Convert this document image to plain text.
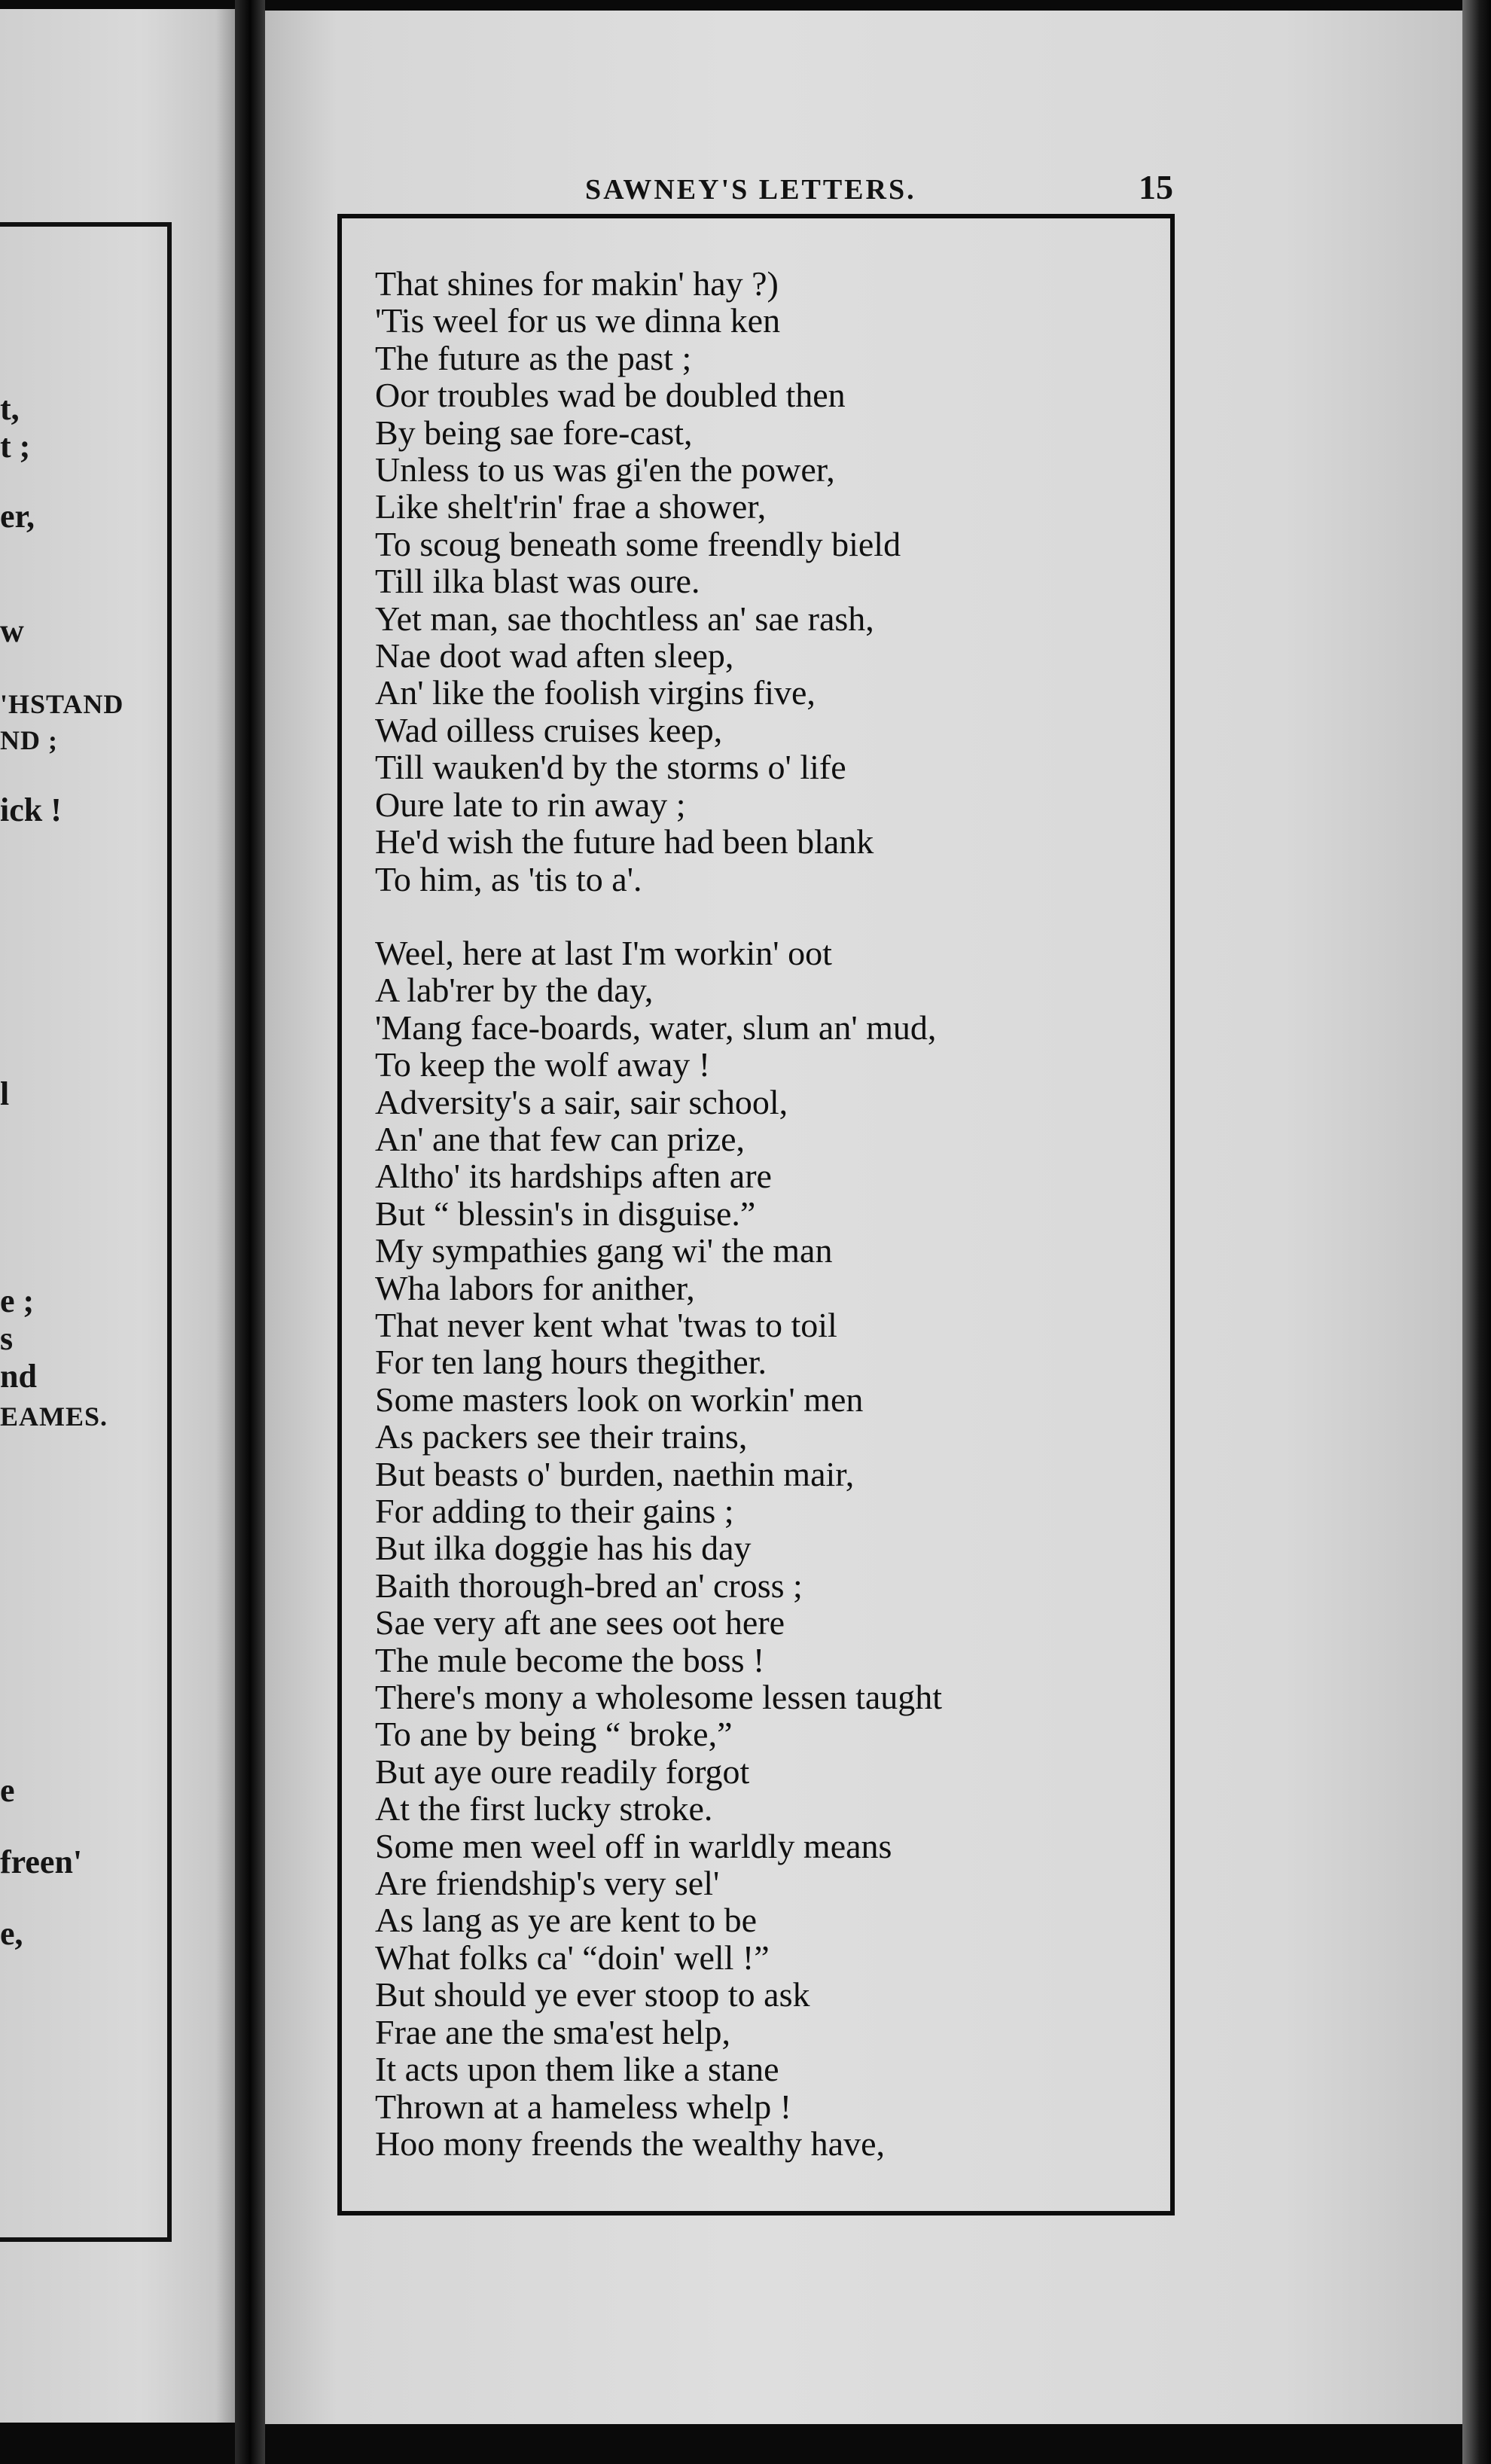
t,
t ;
er,
w
'HSTAND
ND ;
ick !
l
e ;
s
nd
EAMES.
e
freen'
e,
SAWNEY'S LETTERS.	15
That shines for makin' hay ?)
'Tis weel for us we dinna ken
The future as the past ;
Oor troubles wad be doubled then
By being sae fore-cast,
Unless to us was gi'en the power,
Like shelt'rin' frae a shower,
To scoug beneath some freendly bield
Till ilka blast was oure.
Yet man, sae thochtless an' sae rash,
Nae doot wad aften sleep,
An' like the foolish virgins five,
Wad oilless cruises keep,
Till wauken'd by the storms o' life
Oure late to rin away ;
He'd wish the future had been blank
To him, as 'tis to a'.
Weel, here at last I'm workin' oot
A lab'rer by the day,
'Mang face-boards, water, slum an' mud,
To keep the wolf away !
Adversity's a sair, sair school,
An' ane that few can prize,
Altho' its hardships aften are
But “ blessin's in disguise.”
My sympathies gang wi' the man
Wha labors for anither,
That never kent what 'twas to toil
For ten lang hours thegither.
Some masters look on workin' men
As packers see their trains,
But beasts o' burden, naethin mair,
For adding to their gains ;
But ilka doggie has his day
Baith thorough-bred an' cross ;
Sae very aft ane sees oot here
The mule become the boss !
There's mony a wholesome lessen taught
To ane by being “ broke,”
But aye oure readily forgot
At the first lucky stroke.
Some men weel off in warldly means
Are friendship's very sel'
As lang as ye are kent to be
What folks ca' “doin' well !”
But should ye ever stoop to ask
Frae ane the sma'est help,
It acts upon them like a stane
Thrown at a hameless whelp !
Hoo mony freends the wealthy have,
